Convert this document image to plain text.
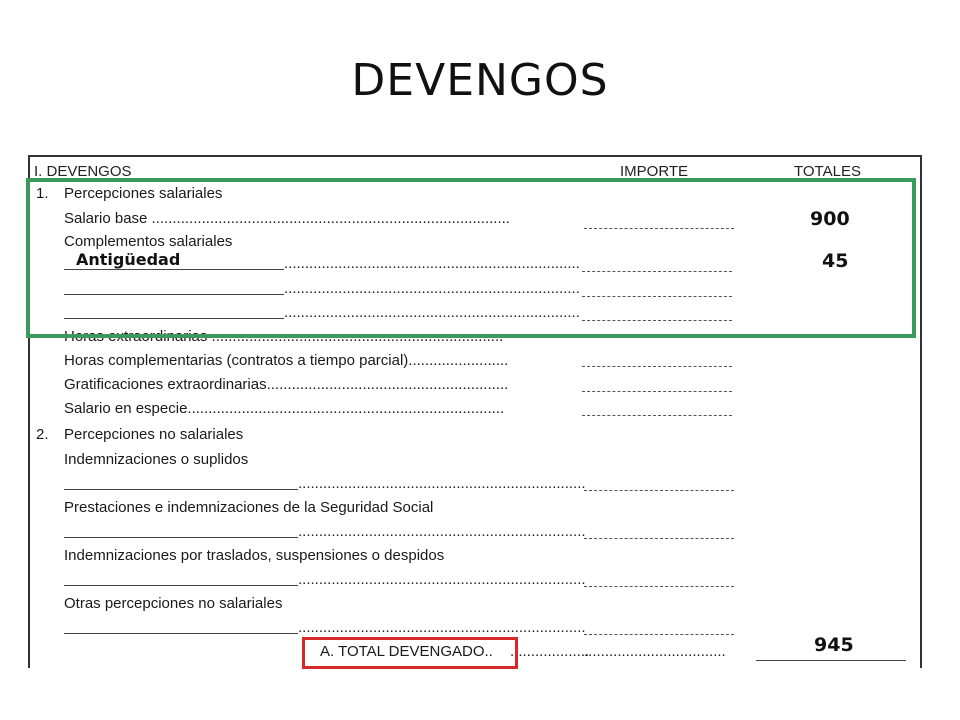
DEVENGOS
I. DEVENGOS	IMPORTE	TOTALES
1. Percepciones salariales
Salario base ......................................................................................
Complementos salariales
.......................................................................
.......................................................................
.......................................................................
Horas extraordinarias ......................................................................
Horas complementarias (contratos a tiempo parcial)........................
Gratificaciones extraordinarias..........................................................
Salario en especie............................................................................
2. Percepciones no salariales
Indemnizaciones o suplidos
.....................................................................
Prestaciones e indemnizaciones de la Seguridad Social
.....................................................................
Indemnizaciones por traslados, suspensiones o despidos
.....................................................................
Otras percepciones no salariales
.....................................................................
A. TOTAL DEVENGADO.. ...................
..................................
Antigüedad
900
45
945
